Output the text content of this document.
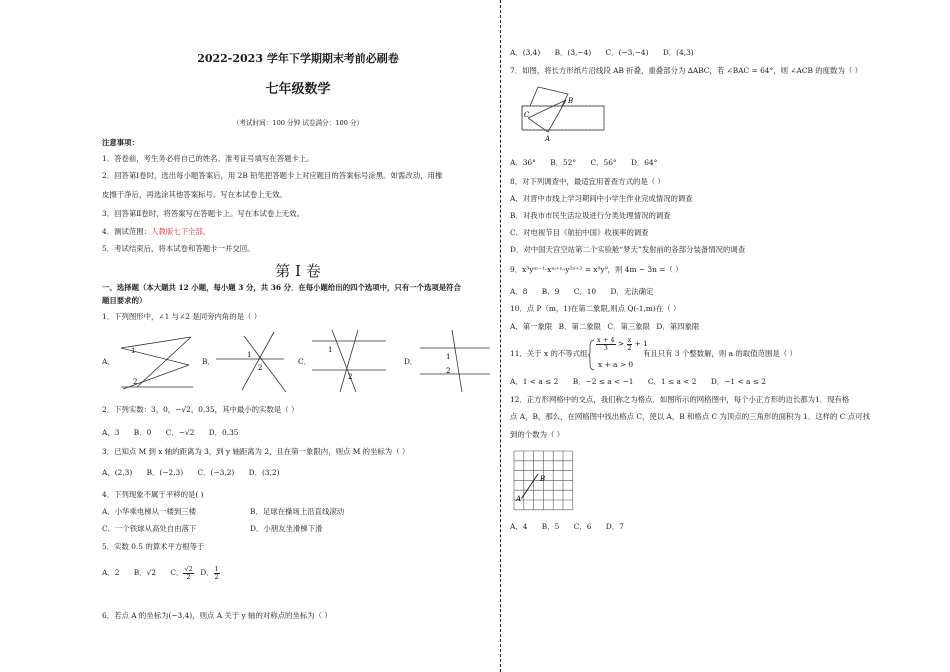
2022-2023 学年下学期期末考前必刷卷
七年级数学
（考试时间：100 分钟 试卷满分：100 分）
注意事项：
1．答卷前，考生务必将自己的姓名、准考证号填写在答题卡上。
2．回答第Ⅰ卷时，选出每小题答案后，用 2B 铅笔把答题卡上对应题目的答案标号涂黑。如需改动，用橡
皮擦干净后，再选涂其他答案标号。写在本试卷上无效。
3．回答第Ⅱ卷时，将答案写在答题卡上。写在本试卷上无效。
4．测试范围：人教版七下全部。
5．考试结束后，将本试卷和答题卡一并交回。
第 I 卷
一、选择题（本大题共 12 小题，每小题 3 分，共 36 分．在每小题给出的四个选项中，只有一个选项是符合
题目要求的）
1．下列图形中，∠1 与∠2 是同旁内角的是（ ）
A．
1
2
B．
1
2
C．
1
2
D．	1
2
2．下列实数：3，0，−√2，0.35，其中最小的实数是（ ）
A．3 B．0 C．−√2 D．0.35
3．已知点 M 到 x 轴的距离为 3，到 y 轴距离为 2，且在第一象限内，则点 M 的坐标为（ ）
A．(2,3) B．(−2,3) C．(−3,2) D．(3,2)
4．下列现象不属于平移的是( )
A．小华乘电梯从一楼到三楼	B．足球在操场上沿直线滚动
C．一个铁球从高处自由落下	D．小朋友坐滑梯下滑
5．实数 0.5 的算术平方根等于
A．2 B．√2 C． $\frac{√2}{2}$ D． $\frac{1}{2}$
6．若点 A 的坐标为(−3,4)，则点 A 关于 y 轴的对称点的坐标为（ ）
A．(3,4) B．(3,−4) C．(−3,−4) D．(4,3)
7．如图，将长方形纸片沿线段 AB 折叠，重叠部分为 ∆ABC，若 ∠BAC = 64°，则 ∠ACB 的度数为（ ）
B
C
A
A．36° B．52° C．56° D．64°
8．对下列调查中，最适宜用普查方式的是（ ）
A．对晋中市线上学习期间中小学生作业完成情况的调查
B．对我市市民生活垃圾进行分类处理情况的调查
C．对电视节目《航拍中国》收视率的调查
D．对中国天宫空站第二个实验舱“梦天”发射前的各部分装备情况的调查
9．x³yᵐ⁻¹·xᵐ⁺ⁿ·y²ⁿ⁺² = x⁹y⁹，则 4m − 3n =（ ）
A．8 B．9 C．10 D．无法确定
10．点 P（m，1)在第二象限,则点 Q(-1,m)在（ ）
A．第一象限 B．第二象限 C．第三象限 D．第四象限
11．关于 x 的不等式组
$\frac{x + 4}{3} > \frac{x}{2} + 1$
x + a > 0
有且只有 3 个整数解，则 a 的取值范围是（ ）
A．1 < a ≤ 2 B．−2 ≤ a < −1 C．1 ≤ a < 2 D．−1 < a ≤ 2
12．正方形网格中的交点，我们称之为格点．如图所示的网格图中，每个小正方形的边长都为1．现有格
点 A，B，那么，在网格图中找出格点 C，使以 A，B 和格点 C 为顶点的三角形的面积为 1．这样的 C 点可找
到的个数为（ ）
A
B
A．4 B．5 C．6 D．7
